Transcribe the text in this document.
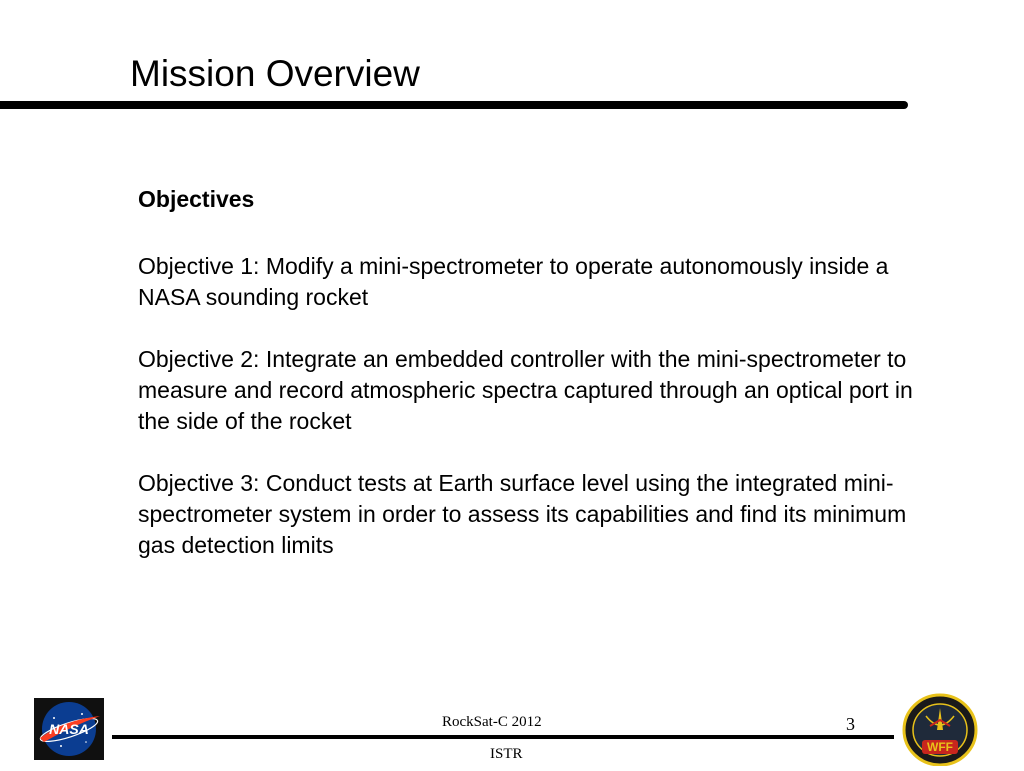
Mission Overview
Objectives

Objective 1: Modify a mini-spectrometer to operate autonomously inside a NASA sounding rocket

Objective 2: Integrate an embedded controller with the mini-spectrometer to measure and record atmospheric spectra captured through an optical port in the side of the rocket

Objective 3: Conduct tests at Earth surface level using the integrated mini-spectrometer system in order to assess its capabilities and find its minimum gas detection limits

NASA	RockSat-C 2012	3
ISTR	WFF
